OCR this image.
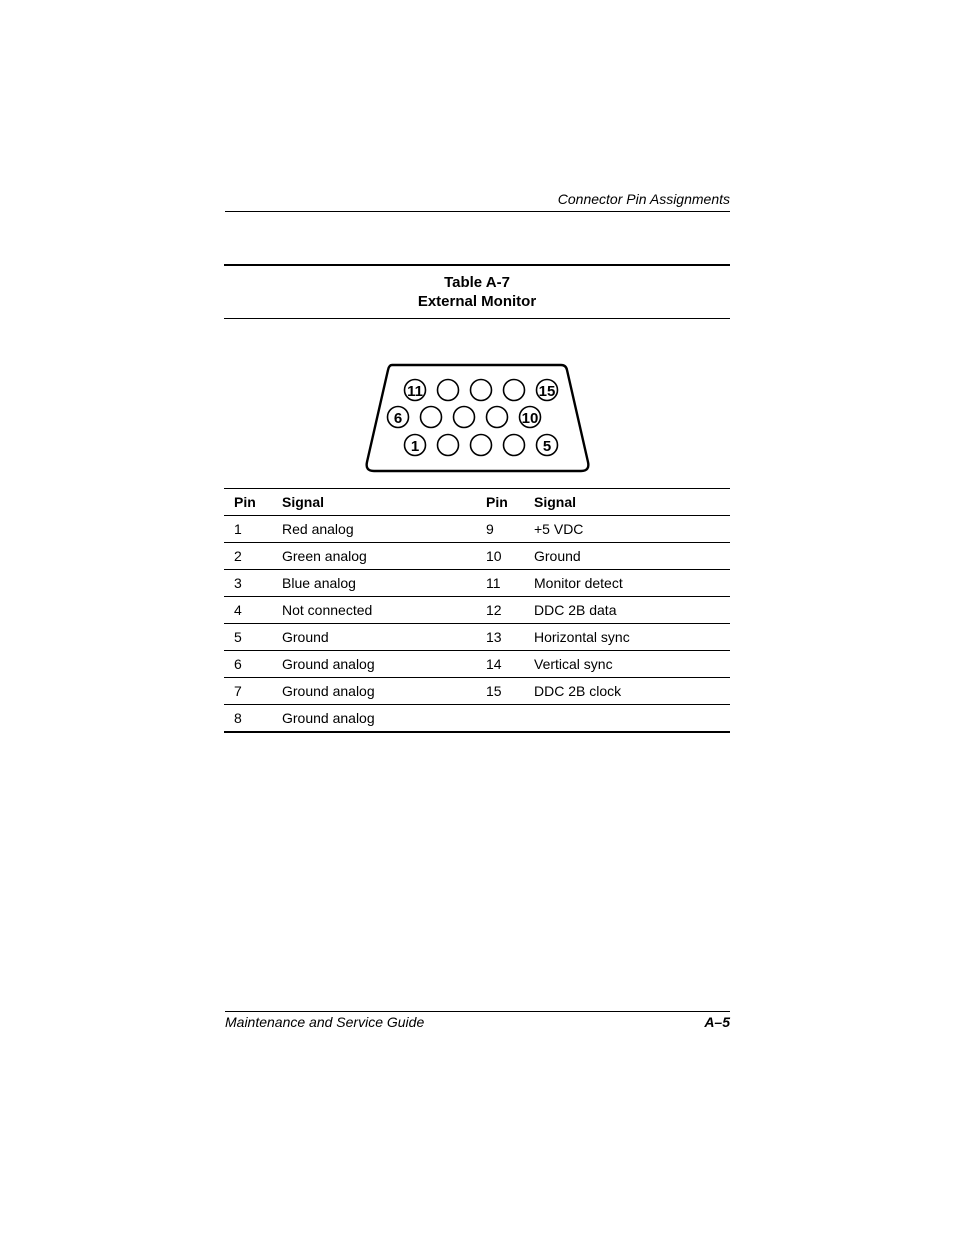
Connector Pin Assignments
Table A-7
External Monitor
11	15
6	10
1	5
Pin	Signal	Pin	Signal
1	Red analog	9	+5 VDC
2	Green analog	10	Ground
3	Blue analog	11	Monitor detect
4	Not connected	12	DDC 2B data
5	Ground	13	Horizontal sync
6	Ground analog	14	Vertical sync
7	Ground analog	15	DDC 2B clock
8	Ground analog		
Maintenance and Service Guide	A–5
